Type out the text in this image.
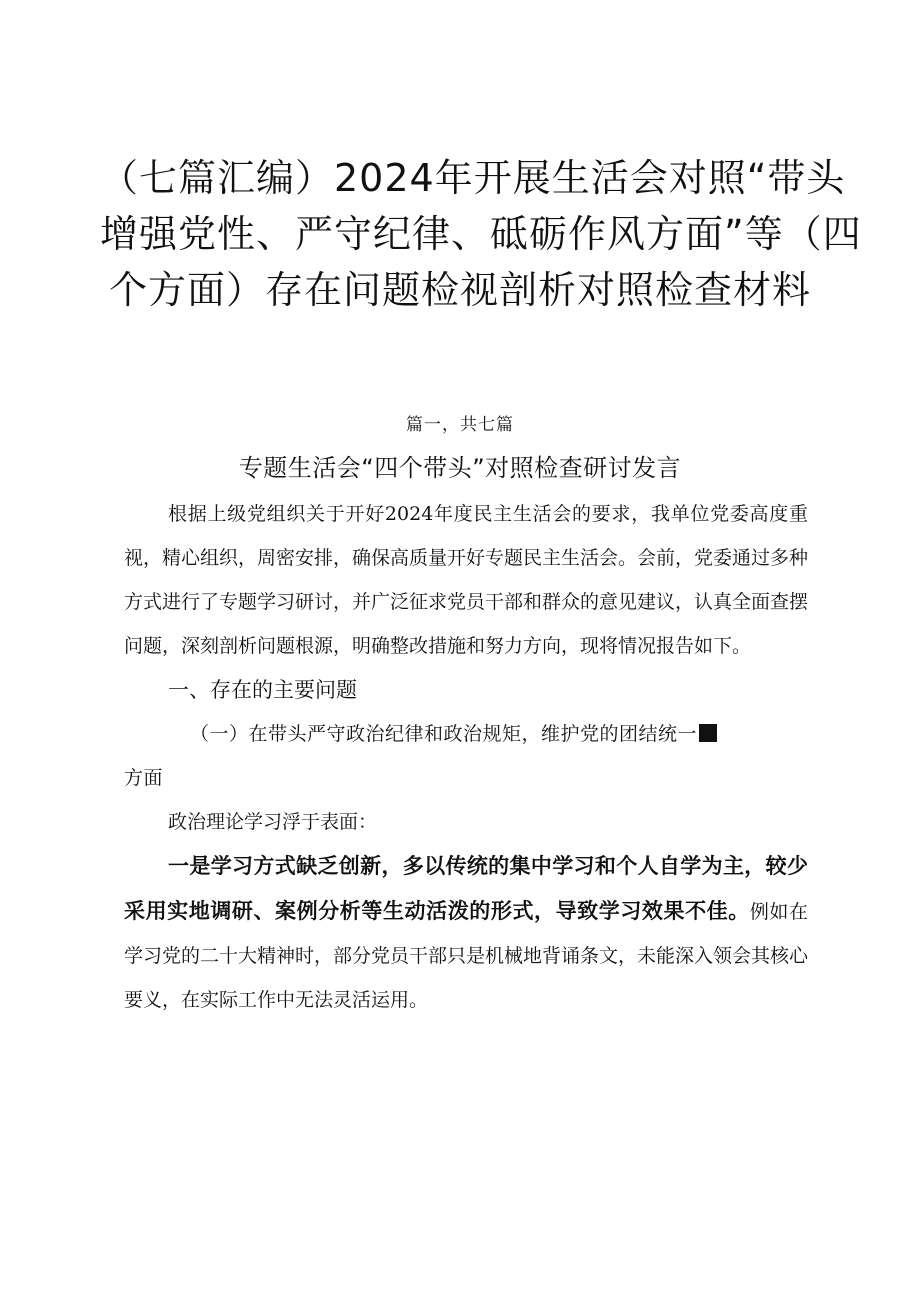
（七篇汇编）2024年开展生活会对照“带头
增强党性、严守纪律、砥砺作风方面”等（四
个方面）存在问题检视剖析对照检查材料
篇一，共七篇
专题生活会“四个带头”对照检查研讨发言

根据上级党组织关于开好2024年度民主生活会的要求，我单位党委高度重视，精心组织，周密安排，确保高质量开好专题民主生活会。会前，党委通过多种方式进行了专题学习研讨，并广泛征求党员干部和群众的意见建议，认真全面查摆问题，深刻剖析问题根源，明确整改措施和努力方向，现将情况报告如下。

一、存在的主要问题

（一）在带头严守政治纪律和政治规矩，维护党的团结统一
方面

政治理论学习浮于表面：

一是学习方式缺乏创新，多以传统的集中学习和个人自学为主，较少采用实地调研、案例分析等生动活泼的形式，导致学习效果不佳。例如在学习党的二十大精神时，部分党员干部只是机械地背诵条文，未能深入领会其核心要义，在实际工作中无法灵活运用。
